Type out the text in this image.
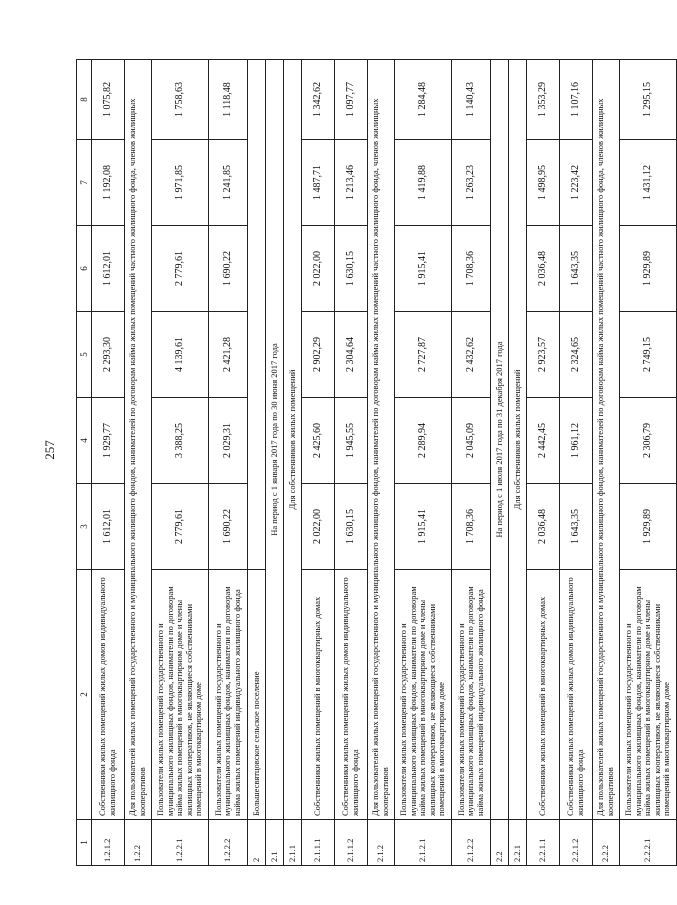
257
1	2	3	4	5	6	7	8
1.2.1.2	Собственники жилых помещений жилых домов индивидуального жилищного фонда	1 612,01	1 929,77	2 293,30	1 612,01	1 192,08	1 075,82
1.2.2	Для пользователей жилых помещений государственного и муниципального жилищного фондов, нанимателей по договорам найма жилых помещений частного жилищного фонда, членов жилищных кооперативов						
1.2.2.1	Пользователи жилых помещений государственного и муниципального жилищных фондов, наниматели по договорам найма жилых помещений в многоквартирном доме и члены жилищных кооперативов, не являющиеся собственниками помещений в многоквартирном доме	2 779,61	3 388,25	4 139,61	2 779,61	1 971,85	1 758,63
1.2.2.2	Пользователи жилых помещений государственного и муниципального жилищных фондов, наниматели по договорам найма жилых помещений индивидуального жилищного фонда	1 690,22	2 029,31	2 421,28	1 690,22	1 241,85	1 118,48
2	Большесвятцовское сельское поселение						
2.1	На период с 1 января 2017 года по 30 июня 2017 года						
2.1.1	Для собственников жилых помещений						
2.1.1.1	Собственники жилых помещений в многоквартирных домах	2 022,00	2 425,60	2 902,29	2 022,00	1 487,71	1 342,62
2.1.1.2	Собственники жилых помещений жилых домов индивидуального жилищного фонда	1 630,15	1 945,55	2 304,64	1 630,15	1 213,46	1 097,77
2.1.2	Для пользователей жилых помещений государственного и муниципального жилищного фондов, нанимателей по договорам найма жилых помещений частного жилищного фонда, членов жилищных кооперативов						
2.1.2.1	Пользователи жилых помещений государственного и муниципального жилищных фондов, наниматели по договорам найма жилых помещений в многоквартирном доме и члены жилищных кооперативов, не являющиеся собственниками помещений в многоквартирном доме	1 915,41	2 289,94	2 727,87	1 915,41	1 419,88	1 284,48
2.1.2.2	Пользователи жилых помещений государственного и муниципального жилищных фондов, наниматели по договорам найма жилых помещений индивидуального жилищного фонда	1 708,36	2 045,09	2 432,62	1 708,36	1 263,23	1 140,43
2.2	На период с 1 июля 2017 года по 31 декабря 2017 года						
2.2.1	Для собственников жилых помещений						
2.2.1.1	Собственники жилых помещений в многоквартирных домах	2 036,48	2 442,45	2 923,57	2 036,48	1 498,95	1 353,29
2.2.1.2	Собственники жилых помещений жилых домов индивидуального жилищного фонда	1 643,35	1 961,12	2 324,65	1 643,35	1 223,42	1 107,16
2.2.2	Для пользователей жилых помещений государственного и муниципального жилищного фондов, нанимателей по договорам найма жилых помещений частного жилищного фонда, членов жилищных кооперативов						
2.2.2.1	Пользователи жилых помещений государственного и муниципального жилищных фондов, наниматели по договорам найма жилых помещений в многоквартирном доме и члены жилищных кооперативов, не являющиеся собственниками помещений в многоквартирном доме	1 929,89	2 306,79	2 749,15	1 929,89	1 431,12	1 295,15
